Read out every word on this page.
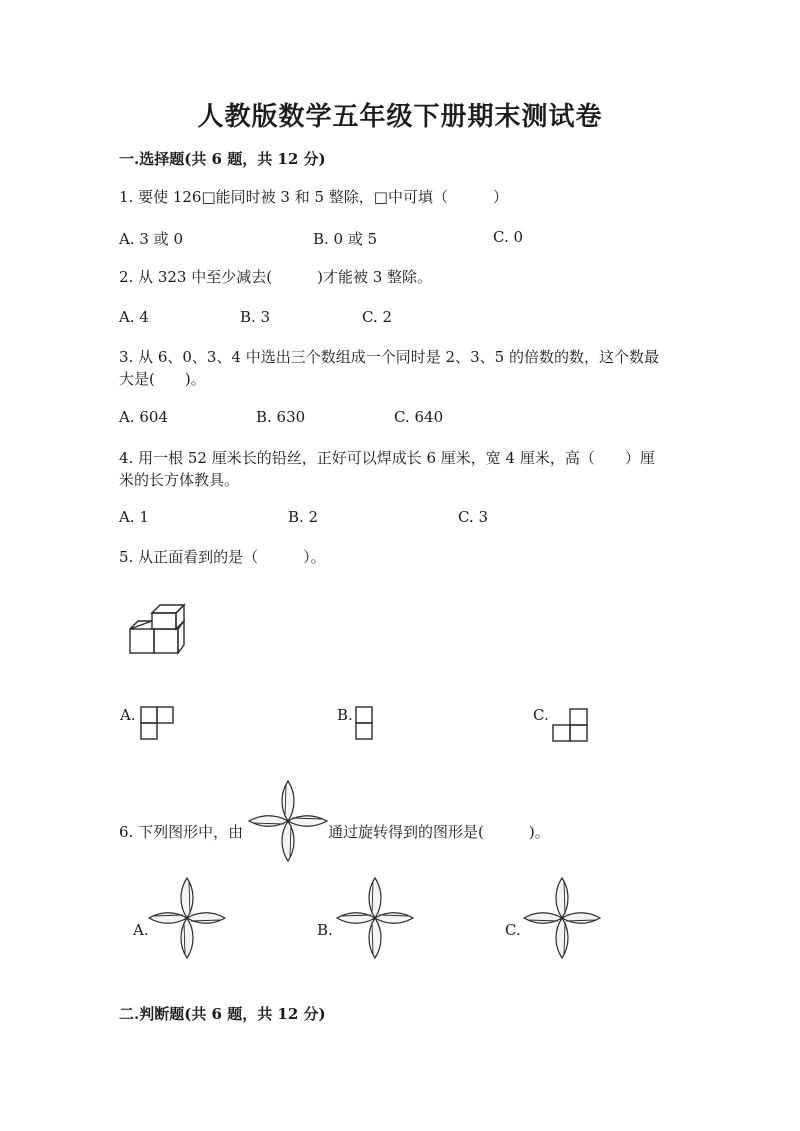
人教版数学五年级下册期末测试卷
一.选择题(共 6 题，共 12 分)
1. 要使 126□能同时被 3 和 5 整除，□中可填（　　　）
A. 3 或 0	B. 0 或 5	C. 0
2. 从 323 中至少减去(　　　)才能被 3 整除。
A. 4	B. 3	C. 2
3. 从 6、0、3、4 中选出三个数组成一个同时是 2、3、5 的倍数的数，这个数最
大是(　　)。
A. 604	B. 630	C. 640
4. 用一根 52 厘米长的铅丝，正好可以焊成长 6 厘米，宽 4 厘米，高（　　）厘
米的长方体教具。
A. 1	B. 2	C. 3
5. 从正面看到的是（　　　）。
A.	B.	C.
6. 下列图形中，由	通过旋转得到的图形是(　　　)。
A.	B.	C.
二.判断题(共 6 题，共 12 分)
